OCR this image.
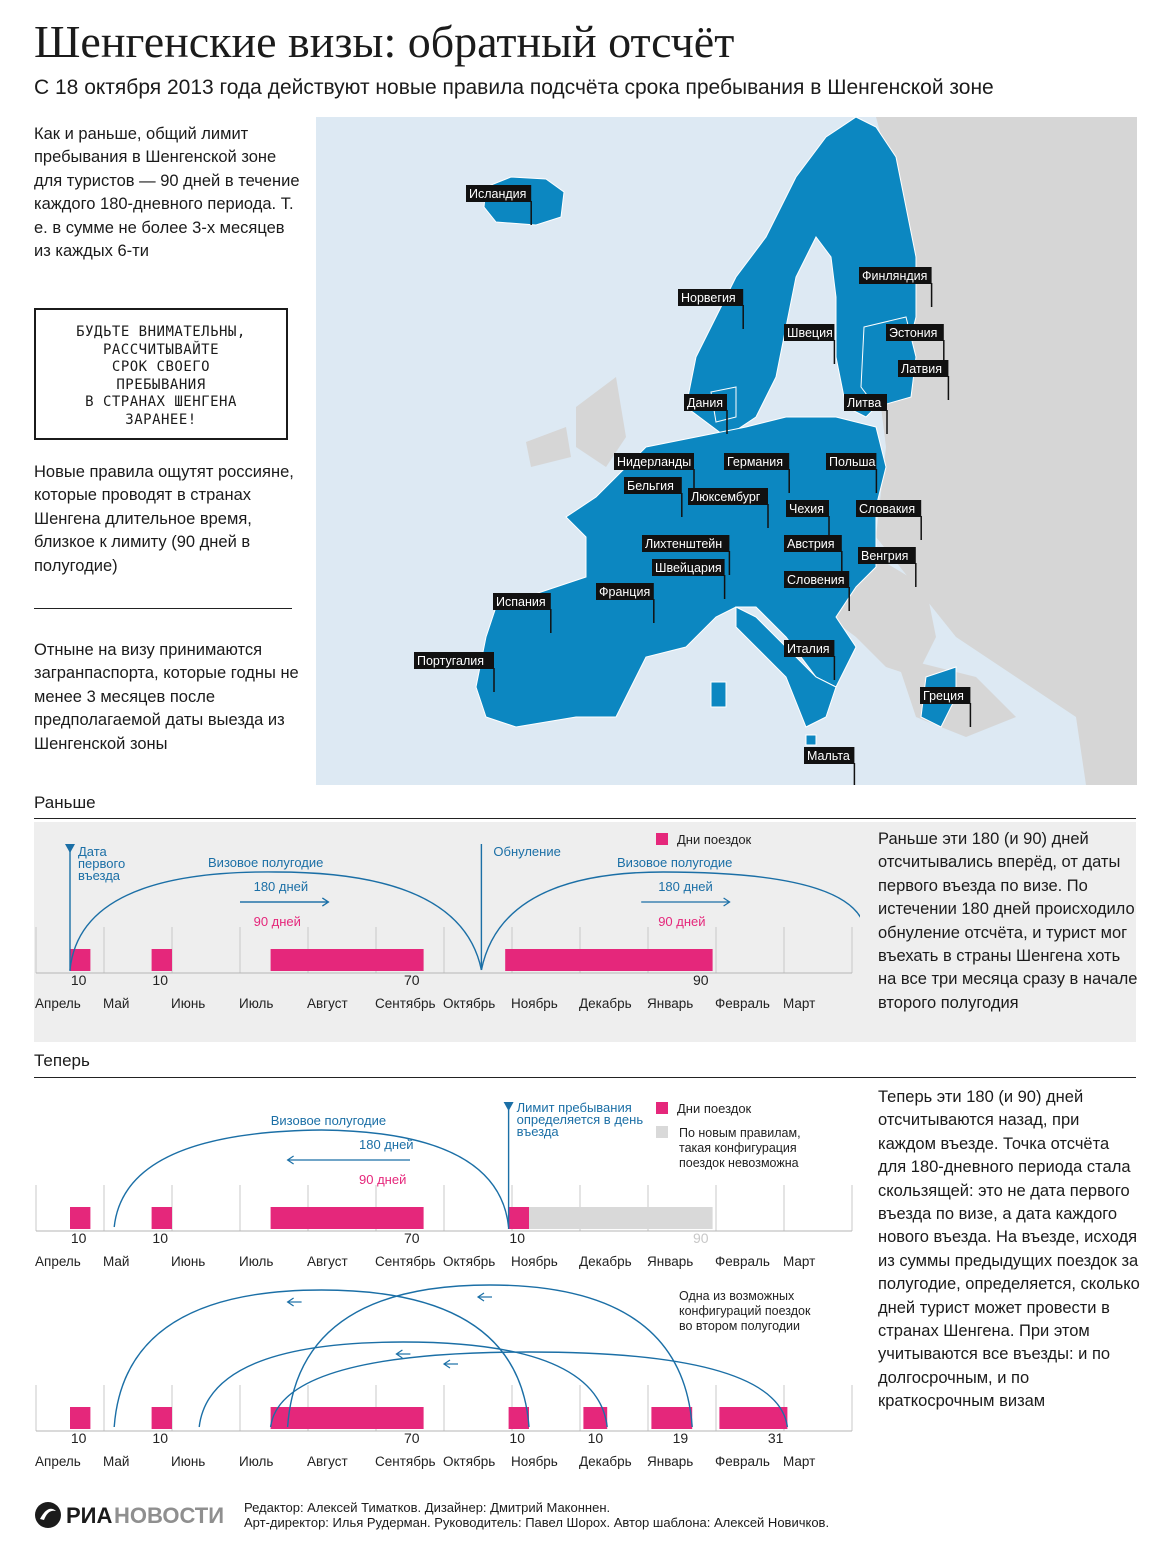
Шенгенские визы: обратный отсчёт
С 18 октября 2013 года действуют новые правила подсчёта срока пребывания в Шенгенской зоне
Как и раньше, общий лимит пребывания в Шенгенской зоне для туристов — 90 дней в течение каждого 180-дневного периода. Т. е. в сумме не более 3-х месяцев из каждых 6-ти
БУДЬТЕ ВНИМАТЕЛЬНЫ,
РАССЧИТЫВАЙТЕ
СРОК СВОЕГО
ПРЕБЫВАНИЯ
В СТРАНАХ ШЕНГЕНА
ЗАРАНЕЕ!
Новые правила ощутят россияне, которые проводят в странах Шенгена длительное время, близкое к лимиту (90 дней в полугодие)
Отныне на визу принимаются загранпаспорта, которые годны не менее 3 месяцев после предполагаемой даты выезда из Шенгенской зоны
Исландия
Норвегия
Финляндия
Швеция	Эстония
Латвия
Дания	Литва
Нидерланды	Германия	Польша
Бельгия
Люксембург
Чехия	Словакия
Лихтенштейн	Австрия
Швейцария
Венгрия
Франция
Словения
Испания
Италия
Португалия
Греция
Мальта
Раньше
Апрель Май	Июнь Июль Август Сентябрь Октябрь Ноябрь Декабрь Январь Февраль Март
10	10	70	90
Дата
первого
въезда
Обнуление
Визовое полугодие	Визовое полугодие
180 дней
90 дней
180 дней
90 дней
Дни поездок	Раньше эти 180 (и 90) дней отсчитывались вперёд, от даты первого въезда по визе. По истечении 180 дней происходило обнуление отсчёта, и турист мог въехать в страны Шенгена хоть на все три месяца сразу в начале второго полугодия
Теперь
Апрель Май	Июнь Июль Август Сентябрь Октябрь Ноябрь Декабрь Январь Февраль Март
90
10	10	70	10
Лимит пребывания
определяется в день
въезда
Визовое полугодие
180 дней
90 дней
Дни поездок
По новым правилам,
такая конфигурация
поездок невозможна
Апрель Май	Июнь Июль Август Сентябрь Октябрь Ноябрь Декабрь Январь Февраль Март
10	10	70	10	10	19	31
Одна из возможных
конфигураций поездок
во втором полугодии
Теперь эти 180 (и 90) дней отсчитываются назад, при каждом въезде. Точка отсчёта для 180-дневного периода стала скользящей: это не дата первого въезда по визе, а дата каждого нового въезда. На въезде, исходя из суммы предыдущих поездок за полугодие, определяется, сколько дней турист может провести в странах Шенгена. При этом учитываются все въезды: и по долгосрочным, и по краткосрочным визам
РИА НОВОСТИ Редактор: Алексей Тиматков. Дизайнер: Дмитрий Маконнен.
Арт-директор: Илья Рудерман. Руководитель: Павел Шорох. Автор шаблона: Алексей Новичков.
